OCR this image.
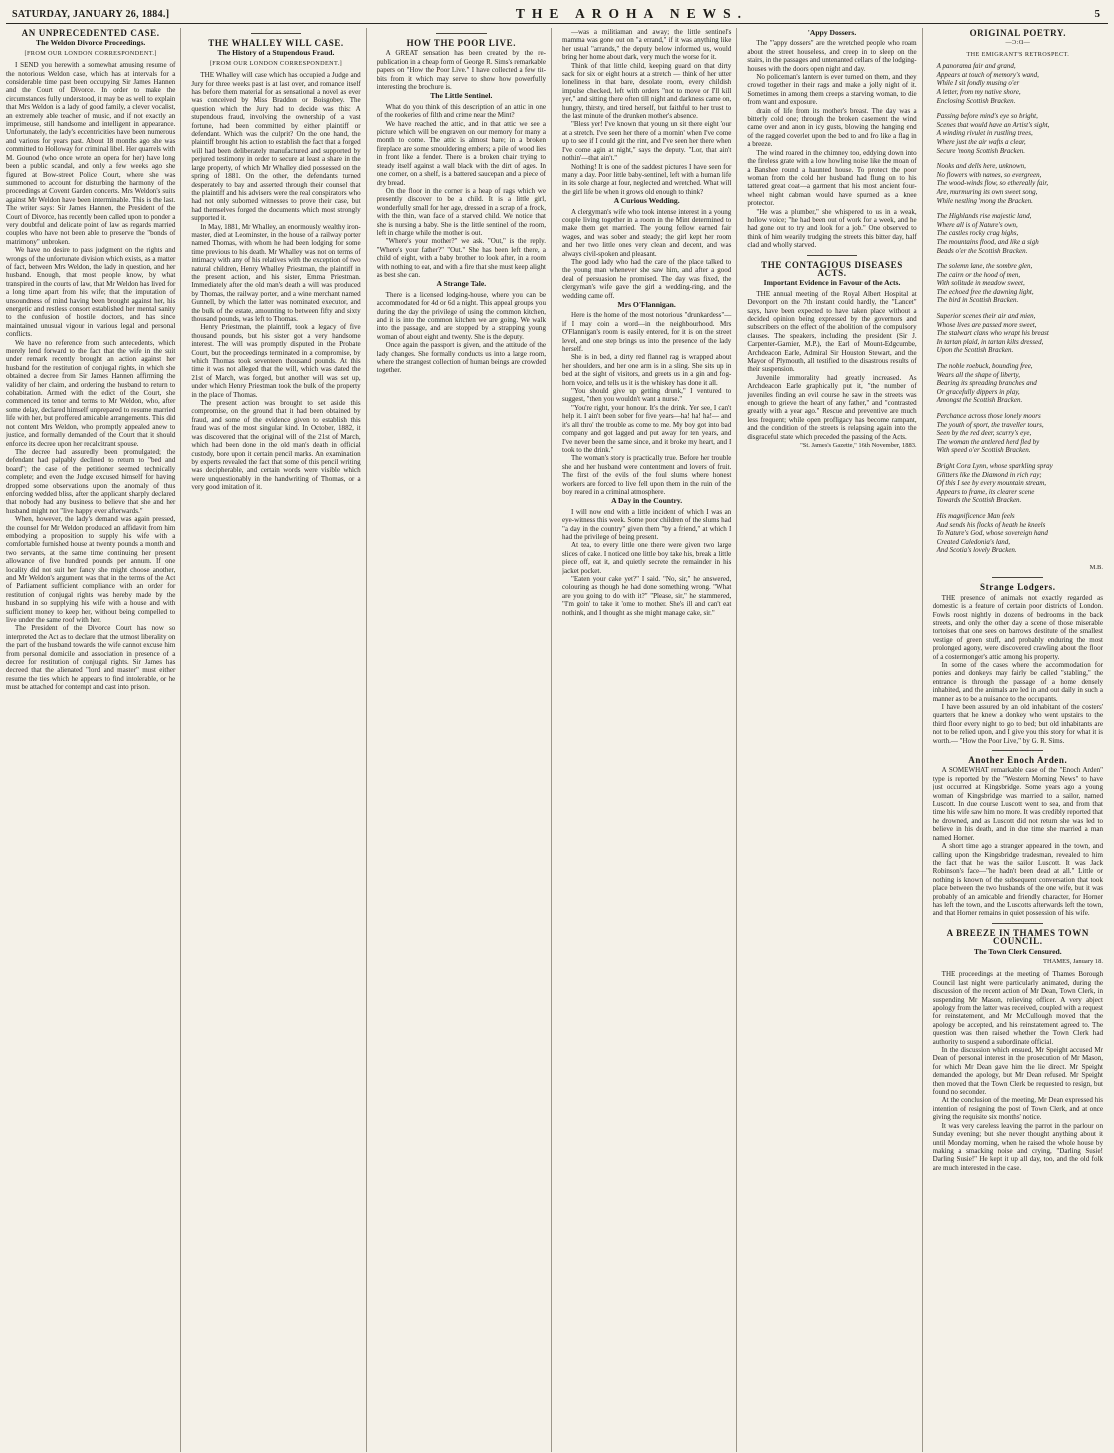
SATURDAY, JANUARY 26, 1884.]	THE AROHA NEWS.	5
AN UNPRECEDENTED CASE.
The Weldon Divorce Proceedings.
[FROM OUR LONDON CORRESPONDENT.]

I SEND you herewith a somewhat amusing resume of the notorious Weldon case, which has at intervals for a considerable time past been occupying Sir James Hannen and the Court of Divorce. In order to make the circumstances fully understood, it may be as well to explain that Mrs Weldon is a lady of good family, a clever vocalist, an extremely able teacher of music, and if not exactly an imprimeuse, still handsome and intelligent in appearance. Unfortunately, the lady's eccentricities have been numerous and various for years past. About 18 months ago she was committed to Holloway for criminal libel. Her quarrels with M. Gounod (who once wrote an opera for her) have long been a public scandal, and only a few weeks ago she figured at Bow-street Police Court, where she was summoned to account for disturbing the harmony of the proceedings at Covent Garden concerts. Mrs Weldon's suits against Mr Weldon have been interminable. This is the last. The writer says: Sir James Hannen, the President of the Court of Divorce, has recently been called upon to ponder a very doubtful and delicate point of law as regards married couples who have not been able to preserve the "bonds of matrimony" unbroken.

We have no desire to pass judgment on the rights and wrongs of the unfortunate division which exists, as a matter of fact, between Mrs Weldon, the lady in question, and her husband. Enough, that most people know, by what transpired in the courts of law, that Mr Weldon has lived for a long time apart from his wife; that the imputation of unsoundness of mind having been brought against her, his energetic and restless consort established her mental sanity to the confusion of hostile doctors, and has since maintained unusual vigour in various legal and personal conflicts.

We have no reference from such antecedents, which merely lend forward to the fact that the wife in the suit under remark recently brought an action against her husband for the restitution of conjugal rights, in which she obtained a decree from Sir James Hannen affirming the validity of her claim, and ordering the husband to return to cohabitation. Armed with the edict of the Court, she commenced its tenor and terms to Mr Weldon, who, after some delay, declared himself unprepared to resume married life with her, but proffered amicable arrangements. This did not content Mrs Weldon, who promptly appealed anew to justice, and formally demanded of the Court that it should enforce its decree upon her recalcitrant spouse.

The decree had assuredly been promulgated; the defendant had palpably declined to return to "bed and board"; the case of the petitioner seemed technically complete; and even the Judge excused himself for having dropped some observations upon the anomaly of thus enforcing wedded bliss, after the applicant sharply declared that nobody had any business to believe that she and her husband might not "live happy ever afterwards."

When, however, the lady's demand was again pressed, the counsel for Mr Weldon produced an affidavit from him embodying a proposition to supply his wife with a comfortable furnished house at twenty pounds a month and two servants, at the same time continuing her present allowance of five hundred pounds per annum. If one locality did not suit her fancy she might choose another, and Mr Weldon's argument was that in the terms of the Act of Parliament sufficient compliance with an order for restitution of conjugal rights was hereby made by the husband in so supplying his wife with a house and with sufficient money to keep her, without being compelled to live under the same roof with her.

The President of the Divorce Court has now so interpreted the Act as to declare that the utmost liberality on the part of the husband towards the wife cannot excuse him from personal domicile and association in presence of a decree for restitution of conjugal rights. Sir James has decreed that the alienated "lord and master" must either resume the ties which he appears to find intolerable, or he must be attached for contempt and cast into prison.

THE WHALLEY WILL CASE.
The History of a Stupendous Fraud.
[FROM OUR LONDON CORRESPONDENT.]

THE Whalley will case which has occupied a Judge and Jury for three weeks past is at last over, and romance itself has before them material for as sensational a novel as ever was conceived by Miss Braddon or Boisgobey. The question which the Jury had to decide was this: A stupendous fraud, involving the ownership of a vast fortune, had been committed by either plaintiff or defendant. Which was the culprit? On the one hand, the plaintiff brought his action to establish the fact that a forged will had been deliberately manufactured and supported by perjured testimony in order to secure at least a share in the large property, of which Mr Whalley died possessed on the spring of 1881. On the other, the defendants turned desperately to bay and asserted through their counsel that the plaintiff and his advisers were the real conspirators who had not only suborned witnesses to prove their case, but had themselves forged the documents which most strongly supported it.

In May, 1881, Mr Whalley, an enormously wealthy iron-master, died at Leominster, in the house of a railway porter named Thomas, with whom he had been lodging for some time previous to his death. Mr Whalley was not on terms of intimacy with any of his relatives with the exception of two natural children, Henry Whalley Priestman, the plaintiff in the present action, and his sister, Emma Priestman. Immediately after the old man's death a will was produced by Thomas, the railway porter, and a wine merchant named Gunnell, by which the latter was nominated executor, and the bulk of the estate, amounting to between fifty and sixty thousand pounds, was left to Thomas.

Henry Priestman, the plaintiff, took a legacy of five thousand pounds, but his sister got a very handsome interest. The will was promptly disputed in the Probate Court, but the proceedings terminated in a compromise, by which Thomas took seventeen thousand pounds. At this time it was not alleged that the will, which was dated the 21st of March, was forged, but another will was set up, under which Henry Priestman took the bulk of the property in the place of Thomas.

The present action was brought to set aside this compromise, on the ground that it had been obtained by fraud, and some of the evidence given to establish this fraud was of the most singular kind. In October, 1882, it was discovered that the original will of the 21st of March, which had been done in the old man's death in official custody, bore upon it certain pencil marks. An examination by experts revealed the fact that some of this pencil writing was decipherable, and certain words were visible which were unquestionably in the handwriting of Thomas, or a very good imitation of it.

HOW THE POOR LIVE.

A GREAT sensation has been created by the re-publication in a cheap form of George R. Sims's remarkable papers on "How the Poor Live." I have collected a few tit-bits from it which may serve to show how powerfully interesting the brochure is.

The Little Sentinel.

What do you think of this description of an attic in one of the rookeries of filth and crime near the Mint?

We have reached the attic, and in that attic we see a picture which will be engraven on our memory for many a month to come. The attic is almost bare; in a broken fireplace are some smouldering embers; a pile of wood lies in front like a fender. There is a broken chair trying to steady itself against a wall black with the dirt of ages. In one corner, on a shelf, is a battered saucepan and a piece of dry bread.

On the floor in the corner is a heap of rags which we presently discover to be a child. It is a little girl, wonderfully small for her age, dressed in a scrap of a frock, with the thin, wan face of a starved child. We notice that she is nursing a baby. She is the little sentinel of the room, left in charge while the mother is out.

"Where's your mother?" we ask. "Out," is the reply. "Where's your father?" "Out." She has been left there, a child of eight, with a baby brother to look after, in a room with nothing to eat, and with a fire that she must keep alight as best she can.

A Strange Tale.

There is a licensed lodging-house, where you can be accommodated for 4d or 6d a night. This appeal groups you during the day the privilege of using the common kitchen, and it is into the common kitchen we are going. We walk into the passage, and are stopped by a strapping young woman of about eight and twenty. She is the deputy.

Once again the passport is given, and the attitude of the lady changes. She formally conducts us into a large room, where the strangest collection of human beings are crowded together.

—was a militiaman and away; the little sentinel's mamma was gone out on "a errand," if it was anything like her usual "arrands," the deputy below informed us, would bring her home about dark, very much the worse for it.

Think of that little child, keeping guard on that dirty sack for six or eight hours at a stretch — think of her utter loneliness in that bare, desolate room, every childish impulse checked, left with orders "not to move or I'll kill yer," and sitting there often till night and darkness came on, hungry, thirsty, and tired herself, but faithful to her trust to the last minute of the drunken mother's absence.

"Bless yer! I've known that young un sit there eight 'our at a stretch. I've seen her there of a mornin' when I've come up to see if I could git the rint, and I've seen her there when I've come agin at night," says the deputy. "Lor, that ain't nothin'—that ain't."

Nothing! It is one of the saddest pictures I have seen for many a day. Poor little baby-sentinel, left with a human life in its sole charge at four, neglected and wretched. What will the girl life be when it grows old enough to think?

A Curious Wedding.

A clergyman's wife who took intense interest in a young couple living together in a room in the Mint determined to make them get married. The young fellow earned fair wages, and was sober and steady; the girl kept her room and her two little ones very clean and decent, and was always civil-spoken and pleasant.

The good lady who had the care of the place talked to the young man whenever she saw him, and after a good deal of persuasion he promised. The day was fixed, the clergyman's wife gave the girl a wedding-ring, and the wedding came off.

Mrs O'Flannigan.

Here is the home of the most notorious "drunkardess"—if I may coin a word—in the neighbourhood. Mrs O'Flannigan's room is easily entered, for it is on the street level, and one step brings us into the presence of the lady herself.

She is in bed, a dirty red flannel rag is wrapped about her shoulders, and her one arm is in a sling. She sits up in bed at the sight of visitors, and greets us in a gin and fog-horn voice, and tells us it is the whiskey has done it all.

"You should give up getting drunk," I ventured to suggest, "then you wouldn't want a nurse."

"You're right, your honour. It's the drink. Yer see, I can't help it. I ain't been sober for five years—ha! ha! ha!— and it's all thro' the trouble as come to me. My boy got into bad company and got lagged and put away for ten years, and I've never been the same since, and it broke my heart, and I took to the drink."

The woman's story is practically true. Before her trouble she and her husband were contentment and lovers of fruit. The first of the evils of the foul slums where honest workers are forced to live fell upon them in the ruin of the boy reared in a criminal atmosphere.

A Day in the Country.

I will now end with a little incident of which I was an eye-witness this week. Some poor children of the slums had "a day in the country" given them "by a friend," at which I had the privilege of being present.

At tea, to every little one there were given two large slices of cake. I noticed one little boy take his, break a little piece off, eat it, and quietly secrete the remainder in his jacket pocket.

"Eaten your cake yet?" I said. "No, sir," he answered, colouring as though he had done something wrong. "What are you going to do with it?" "Please, sir," he stammered, "I'm goin' to take it 'ome to mother. She's ill and can't eat nothink, and I thought as she might manage cake, sir."

'Appy Dossers.

The "'appy dossers" are the wretched people who roam about the street houseless, and creep in to sleep on the stairs, in the passages and untenanted cellars of the lodging-houses with the doors open night and day.

No policeman's lantern is ever turned on them, and they crowd together in their rags and make a jolly night of it. Sometimes in among them creeps a starving woman, to die from want and exposure.

drain of life from its mother's breast. The day was a bitterly cold one; through the broken casement the wind came over and anon in icy gusts, blowing the hanging end of the ragged coverlet upon the bed to and fro like a flag in a breeze.

The wind roared in the chimney too, eddying down into the fireless grate with a low howling noise like the moan of a Banshee round a haunted house. To protect the poor woman from the cold her husband had flung on to his tattered great coat—a garment that his most ancient four-wheel night cabman would have spurned as a knee protector.

"He was a plumber," she whispered to us in a weak, hollow voice; "he had been out of work for a week, and he had gone out to try and look for a job." One observed to think of him wearily trudging the streets this bitter day, half clad and wholly starved.

THE CONTAGIOUS DISEASES ACTS.
Important Evidence in Favour of the Acts.

THE annual meeting of the Royal Albert Hospital at Devonport on the 7th instant could hardly, the "Lancet" says, have been expected to have taken place without a decided opinion being expressed by the governors and subscribers on the effect of the abolition of the compulsory clauses. The speakers, including the president (Sir J. Carpenter-Garnier, M.P.), the Earl of Mount-Edgcumbe, Archdeacon Earle, Admiral Sir Houston Stewart, and the Mayor of Plymouth, all testified to the disastrous results of their suspension.

Juvenile immorality had greatly increased. As Archdeacon Earle graphically put it, "the number of juveniles finding an evil course he saw in the streets was enough to grieve the heart of any father," and "contrasted greatly with a year ago." Rescue and preventive are much less frequent; while open profligacy has become rampant, and the condition of the streets is relapsing again into the disgraceful state which preceded the passing of the Acts.

"St. James's Gazette," 16th November, 1883.
ORIGINAL POETRY.
—Ɔ:Ɑ—
THE EMIGRANT'S RETROSPECT.
A panorama fair and grand,
Appears at touch of memory's wand,
While I sit fondly musing o'er
A letter, from my native shore,
Enclosing Scottish Bracken.
Passing before mind's eye so bright,
Scenes that would have an Artist's sight,
A winding rivulet in rustling trees,
Where just the air wafts a clear,
Secure 'mong Scottish Bracken.
Nooks and dells here, unknown,
No flowers with names, so evergreen,
The wood-winds flow, so ethereally fair,
Are, murmuring its own sweet song,
While nestling 'mong the Bracken.
The Highlands rise majestic land,
Where all is of Nature's own,
The castles rocky crag highs,
The mountains flood, and like a sigh
Beads o'er the Scottish Bracken.
The solemn lane, the sombre glen,
The cairn or the hood of men,
With solitude in meadow sweet,
The echoed free the dawning light,
The bird in Scottish Bracken.
Superior scenes their air and mien,
Whose lives are passed more sweet,
The stalwart clans who wrapt his breast
In tartan plaid, in tartan kilts dressed,
Upon the Scottish Bracken.
The noble roebuck, bounding free,
Wears all the shape of liberty,
Bearing its spreading branches and
Or gracefully dippers in play,
Amongst the Scottish Bracken.
Perchance across those lonely moors
The youth of sport, the traveller tours,
Seen by the red deer, scurry's eye,
The woman the antlered herd fled by
With speed o'er Scottish Bracken.
Bright Cora Lynn, whose sparkling spray
Glitters like the Diamond in rich ray;
Of this I see by every mountain stream,
Appears to frame, its clearer scene
Towards the Scottish Bracken.
His magnificence Man feels
Aud sends his flocks of heath he kneels
To Nature's God, whose sovereign hand
Created Caledonia's land,
And Scotia's lovely Bracken.
M.B.
Strange Lodgers.

THE presence of animals not exactly regarded as domestic is a feature of certain poor districts of London. Fowls roost nightly in dozens of bedrooms in the back streets, and only the other day a scene of those miserable tortoises that one sees on barrows destitute of the smallest vestige of green stuff, and probably enduring the most prolonged agony, were discovered crawling about the floor of a costermonger's attic among his property.

In some of the cases where the accommodation for ponies and donkeys may fairly be called "stabling," the entrance is through the passage of a home densely inhabited, and the animals are led in and out daily in such a manner as to be a nuisance to the occupants.

I have been assured by an old inhabitant of the costers' quarters that he knew a donkey who went upstairs to the third floor every night to go to bed; but old inhabitants are not to be relied upon, and I give you this story for what it is worth.— "How the Poor Live," by G. R. Sims.

Another Enoch Arden.

A SOMEWHAT remarkable case of the "Enoch Arden" type is reported by the "Western Morning News" to have just occurred at Kingsbridge. Some years ago a young woman of Kingsbridge was married to a sailor, named Luscott. In due course Luscott went to sea, and from that time his wife saw him no more. It was credibly reported that he drowned, and as Luscott did not return she was led to believe in his death, and in due time she married a man named Horner.

A short time ago a stranger appeared in the town, and calling upon the Kingsbridge tradesman, revealed to him the fact that he was the sailor Luscott. It was Jack Robinson's face—"he hadn't been dead at all." Little or nothing is known of the subsequent conversation that took place between the two husbands of the one wife, but it was probably of an amicable and friendly character, for Horner has left the town, and the Luscotts afterwards left the town, and that Horner remains in quiet possession of his wife.

A BREEZE IN THAMES TOWN COUNCIL.
The Town Clerk Censured.
THAMES, January 18.

THE proceedings at the meeting of Thames Borough Council last night were particularly animated, during the discussion of the recent action of Mr Dean, Town Clerk, in suspending Mr Mason, relieving officer. A very abject apology from the latter was received, coupled with a request for reinstatement, and Mr McCullough moved that the apology be accepted, and his reinstatement agreed to. The question was then raised whether the Town Clerk had authority to suspend a subordinate official.

In the discussion which ensued, Mr Speight accused Mr Dean of personal interest in the prosecution of Mr Mason, for which Mr Dean gave him the lie direct. Mr Speight demanded the apology, but Mr Dean refused. Mr Speight then moved that the Town Clerk be requested to resign, but found no seconder.

At the conclusion of the meeting, Mr Dean expressed his intention of resigning the post of Town Clerk, and at once giving the requisite six months' notice.

It was very careless leaving the parrot in the parlour on Sunday evening; but she never thought anything about it until Monday morning, when he raised the whole house by making a smacking noise and crying, "Darling Susie! Darling Susie!" He kept it up all day, too, and the old folk are much interested in the case.
